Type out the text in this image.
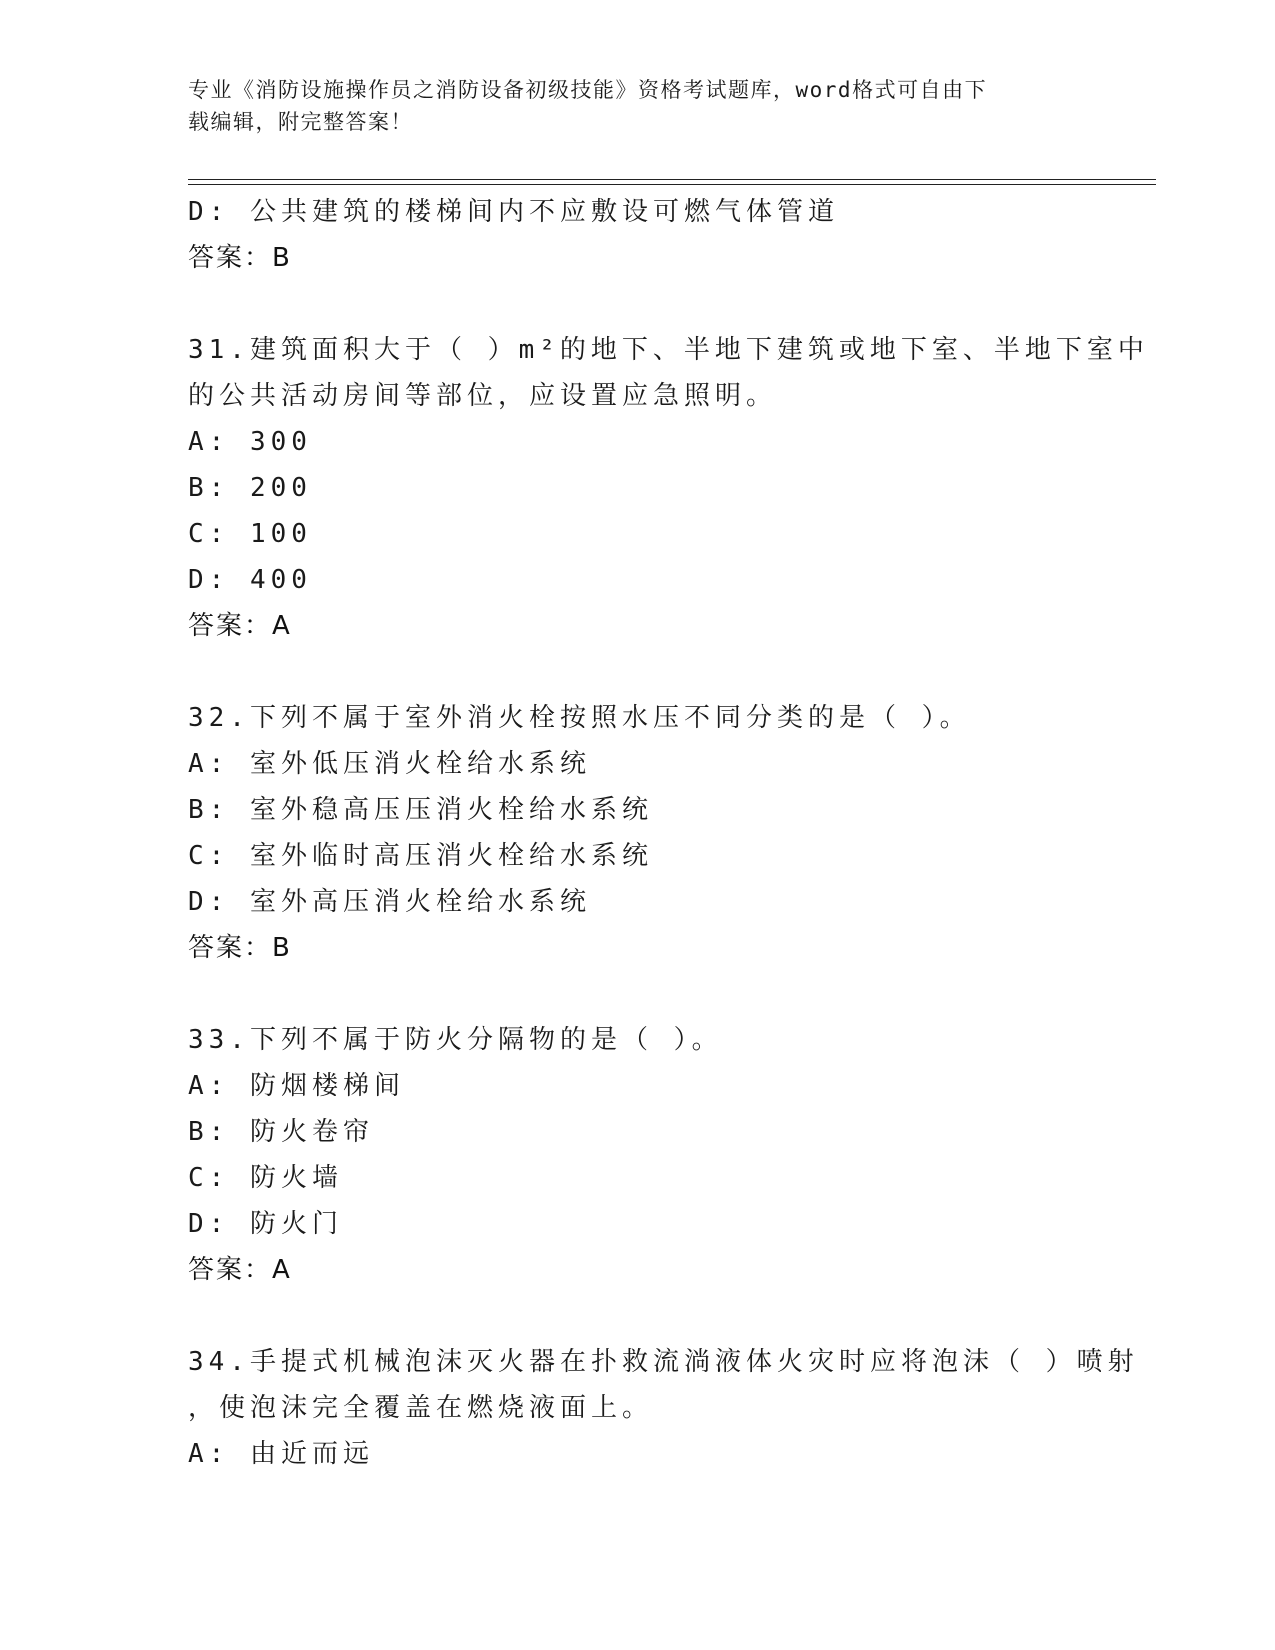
专业《消防设施操作员之消防设备初级技能》资格考试题库，word格式可自由下
载编辑，附完整答案！
D: 公共建筑的楼梯间内不应敷设可燃气体管道
答案：B
31.建筑面积大于（ ）m²的地下、半地下建筑或地下室、半地下室中
的公共活动房间等部位，应设置应急照明。
A: 300
B: 200
C: 100
D: 400
答案：A
32.下列不属于室外消火栓按照水压不同分类的是（ ）。
A: 室外低压消火栓给水系统
B: 室外稳高压压消火栓给水系统
C: 室外临时高压消火栓给水系统
D: 室外高压消火栓给水系统
答案：B
33.下列不属于防火分隔物的是（ ）。
A: 防烟楼梯间
B: 防火卷帘
C: 防火墙
D: 防火门
答案：A
34.手提式机械泡沫灭火器在扑救流淌液体火灾时应将泡沫（ ）喷射
，使泡沫完全覆盖在燃烧液面上。
A: 由近而远
